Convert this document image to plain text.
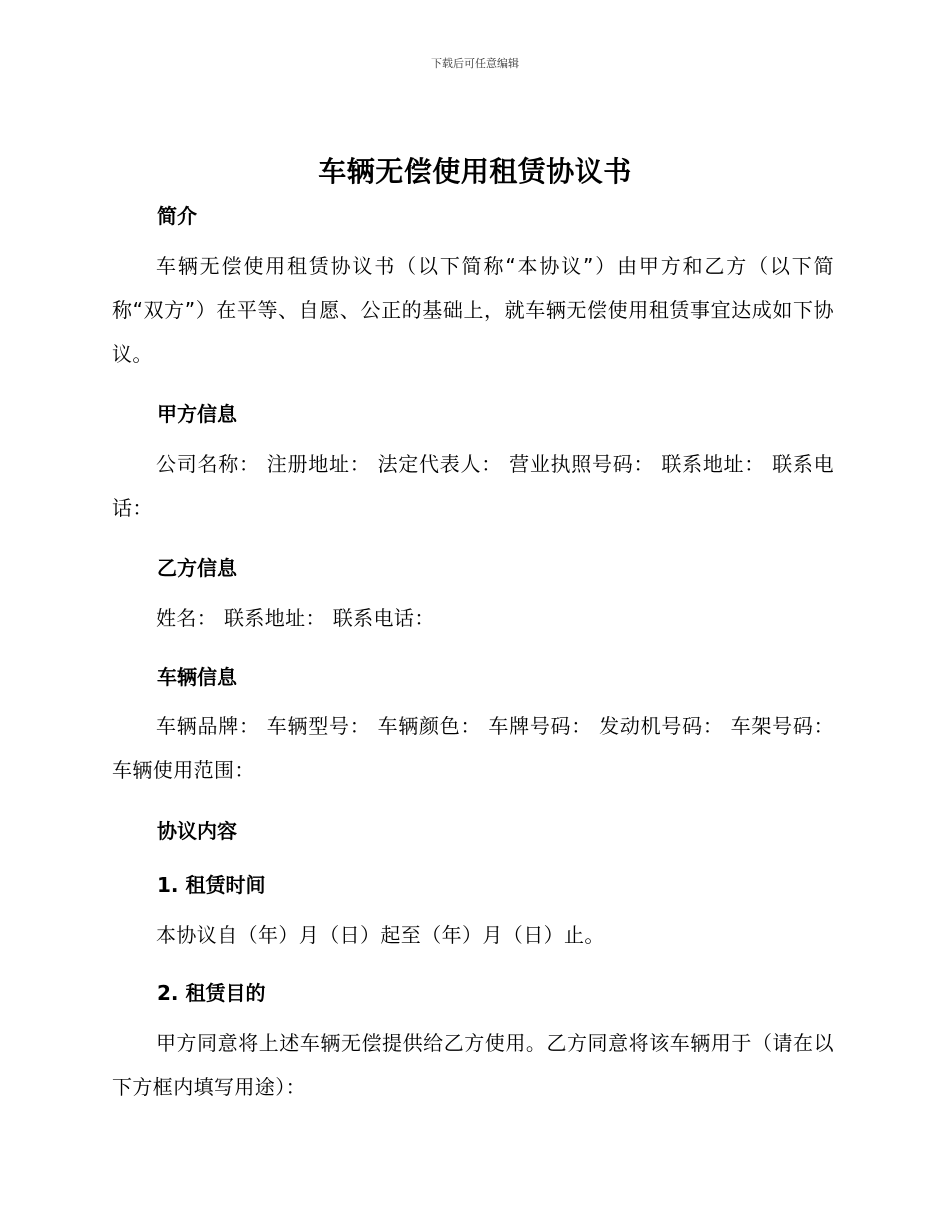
下载后可任意编辑
车辆无偿使用租赁协议书
简介
车辆无偿使用租赁协议书（以下简称“本协议”）由甲方和乙方（以下简称“双方”）在平等、自愿、公正的基础上，就车辆无偿使用租赁事宜达成如下协议。
甲方信息
公司名称： 注册地址： 法定代表人： 营业执照号码： 联系地址： 联系电话：
乙方信息
姓名： 联系地址： 联系电话：
车辆信息
车辆品牌： 车辆型号： 车辆颜色： 车牌号码： 发动机号码： 车架号码： 车辆使用范围：
协议内容
1. 租赁时间
本协议自（年）月（日）起至（年）月（日）止。
2. 租赁目的
甲方同意将上述车辆无偿提供给乙方使用。乙方同意将该车辆用于（请在以下方框内填写用途）：
